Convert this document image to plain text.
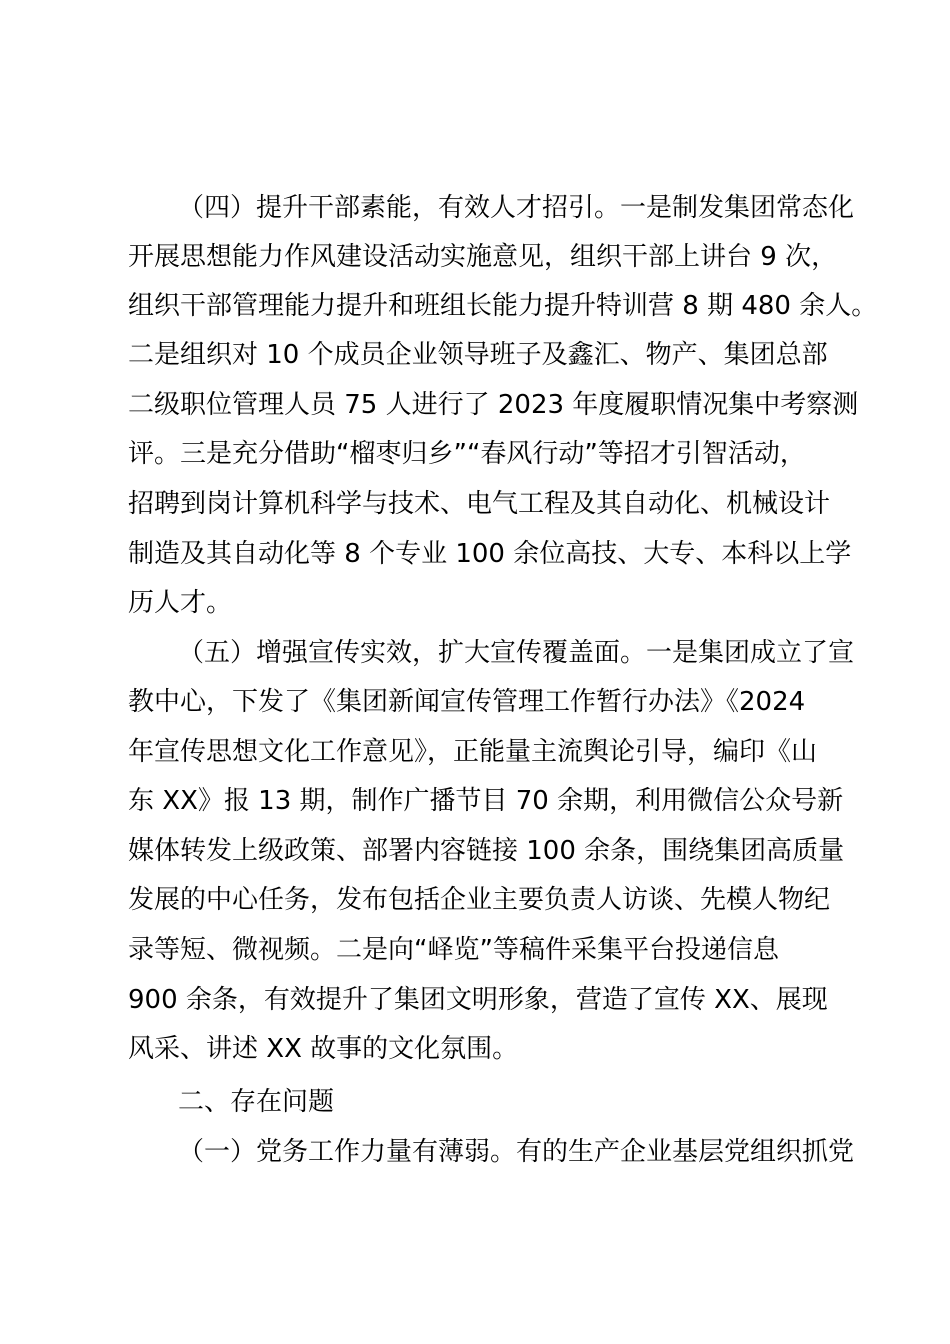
（四）提升干部素能，有效人才招引。一是制发集团常态化
开展思想能力作风建设活动实施意见，组织干部上讲台 9 次，
组织干部管理能力提升和班组长能力提升特训营 8 期 480 余人。
二是组织对 10 个成员企业领导班子及鑫汇、物产、集团总部
二级职位管理人员 75 人进行了 2023 年度履职情况集中考察测
评。三是充分借助“榴枣归乡”“春风行动”等招才引智活动，
招聘到岗计算机科学与技术、电气工程及其自动化、机械设计
制造及其自动化等 8 个专业 100 余位高技、大专、本科以上学
历人才。
（五）增强宣传实效，扩大宣传覆盖面。一是集团成立了宣
教中心，下发了《集团新闻宣传管理工作暂行办法》《2024
年宣传思想文化工作意见》，正能量主流舆论引导，编印《山
东 XX》报 13 期，制作广播节目 70 余期，利用微信公众号新
媒体转发上级政策、部署内容链接 100 余条，围绕集团高质量
发展的中心任务，发布包括企业主要负责人访谈、先模人物纪
录等短、微视频。二是向“峄览”等稿件采集平台投递信息
900 余条，有效提升了集团文明形象，营造了宣传 XX、展现
风采、讲述 XX 故事的文化氛围。
二、存在问题
（一）党务工作力量有薄弱。有的生产企业基层党组织抓党
